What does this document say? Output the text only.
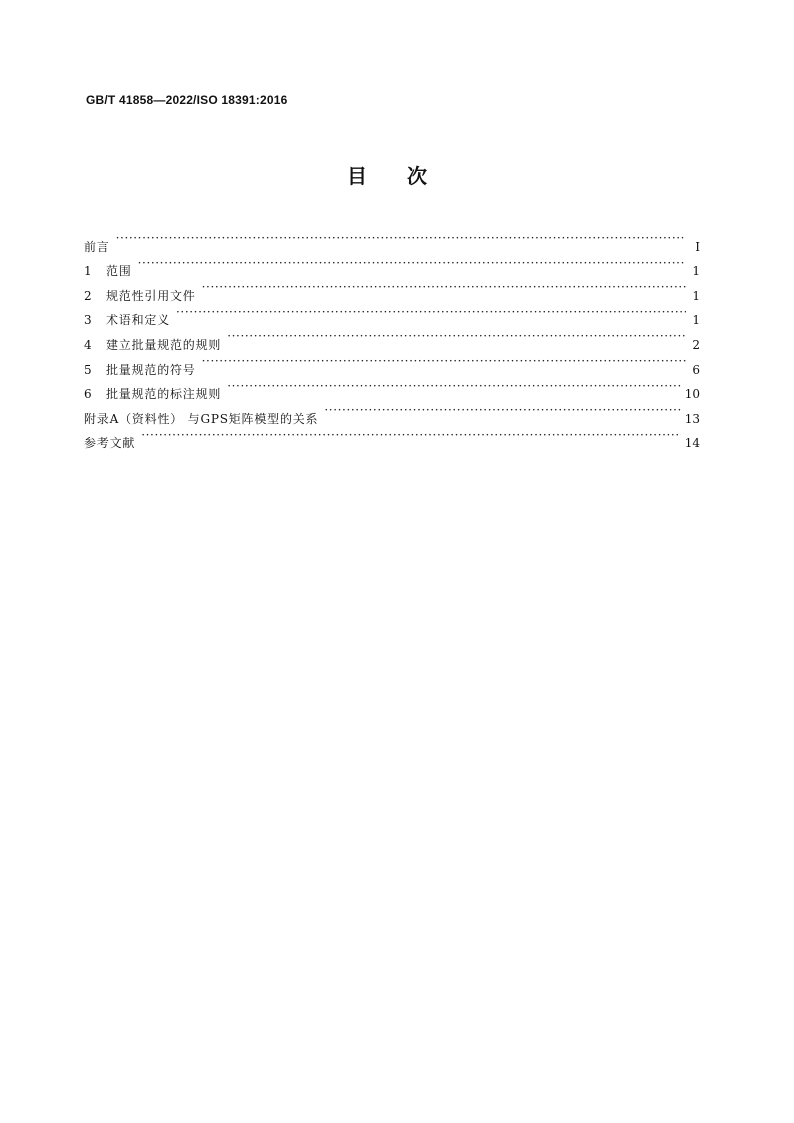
GB/T 41858—2022/ISO 18391:2016
目次
前言 ·····	Ⅰ
1	范围 ·····	1
2	规范性引用文件 ·····	1
3	术语和定义 ·····	1
4	建立批量规范的规则 ·····	2
5	批量规范的符号 ·····	6
6	批量规范的标注规则 ·····	10
附录A（资料性） 与GPS矩阵模型的关系 ·····	13
参考文献 ·····	14
